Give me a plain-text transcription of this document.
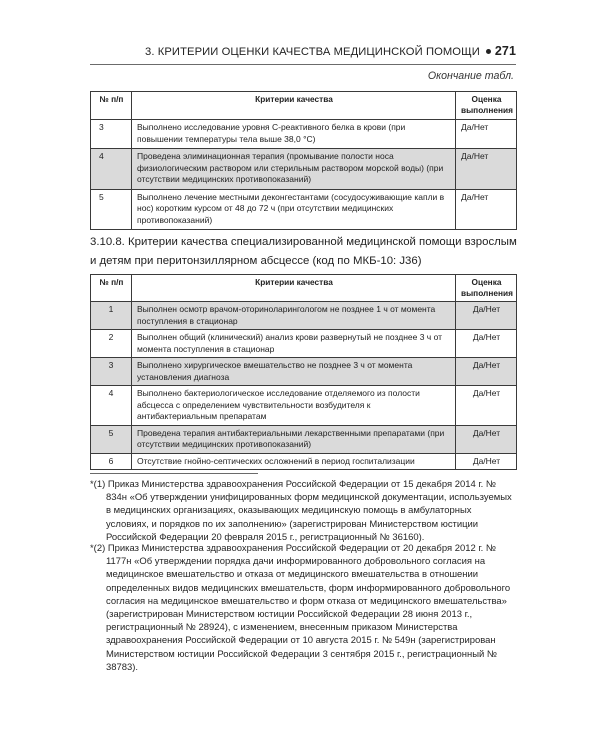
3. КРИТЕРИИ ОЦЕНКИ КАЧЕСТВА МЕДИЦИНСКОЙ ПОМОЩИ 271
Окончание табл.
№ п/п	Критерии качества	Оценка выполнения
3	Выполнено исследование уровня С-реактивного белка в крови (при повышении температуры тела выше 38,0 °С)	Да/Нет
4	Проведена элиминационная терапия (промывание полости носа физиологическим раствором или стерильным раствором морской воды) (при отсутствии медицинских противопоказаний)	Да/Нет
5	Выполнено лечение местными деконгестантами (сосудосуживающие капли в нос) коротким курсом от 48 до 72 ч (при отсутствии медицинских противопоказаний)	Да/Нет
3.10.8. Критерии качества специализированной медицинской помощи взрослым и детям при перитонзиллярном абсцессе (код по МКБ-10: J36)
№ п/п	Критерии качества	Оценка выполнения
1	Выполнен осмотр врачом-оториноларингологом не позднее 1 ч от момента поступления в стационар	Да/Нет
2	Выполнен общий (клинический) анализ крови развернутый не позднее 3 ч от момента поступления в стационар	Да/Нет
3	Выполнено хирургическое вмешательство не позднее 3 ч от момента установления диагноза	Да/Нет
4	Выполнено бактериологическое исследование отделяемого из полости абсцесса с определением чувствительности возбудителя к антибактериальным препаратам	Да/Нет
5	Проведена терапия антибактериальными лекарственными препаратами (при отсутствии медицинских противопоказаний)	Да/Нет
6	Отсутствие гнойно-септических осложнений в период госпитализации	Да/Нет

*(1) Приказ Министерства здравоохранения Российской Федерации от 15 декабря 2014 г. № 834н «Об утверждении унифицированных форм медицинской документации, используемых в медицинских организациях, оказывающих медицинскую помощь в амбулаторных условиях, и порядков по их заполнению» (зарегистрирован Министерством юстиции Российской Федерации 20 февраля 2015 г., регистрационный № 36160).

*(2) Приказ Министерства здравоохранения Российской Федерации от 20 декабря 2012 г. № 1177н «Об утверждении порядка дачи информированного добровольного согласия на медицинское вмешательство и отказа от медицинского вмешательства в отношении определенных видов медицинских вмешательств, форм информированного добровольного согласия на медицинское вмешательство и форм отказа от медицинского вмешательства» (зарегистрирован Министерством юстиции Российской Федерации 28 июня 2013 г., регистрационный № 28924), с изменением, внесенным приказом Министерства здравоохранения Российской Федерации от 10 августа 2015 г. № 549н (зарегистрирован Министерством юстиции Российской Федерации 3 сентября 2015 г., регистрационный № 38783).
